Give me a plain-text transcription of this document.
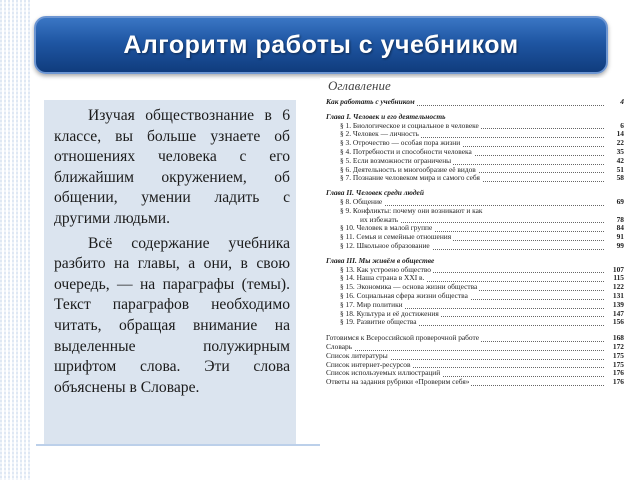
Алгоритм работы с учебником

Изучая обществознание в 6 классе, вы больше узнаете об отношениях человека с его ближайшим окружением, об общении, умении ладить с другими людьми.

Всё содержание учебника разбито на главы, а они, в свою очередь, — на параграфы (темы). Текст параграфов необходимо читать, обращая внимание на выделенные полужирным шрифтом слова. Эти слова объяснены в Словаре.

Оглавление
Как работать с учебником	4
Глава I. Человек и его деятельность
§ 1. Биологическое и социальное в человеке	6
§ 2. Человек — личность	14
§ 3. Отрочество — особая пора жизни	22
§ 4. Потребности и способности человека	35
§ 5. Если возможности ограничены	42
§ 6. Деятельность и многообразие её видов	51
§ 7. Познание человеком мира и самого себя	58
Глава II. Человек среди людей
§ 8. Общение	69
§ 9. Конфликты: почему они возникают и как
их избежать	78
§ 10. Человек в малой группе	84
§ 11. Семья и семейные отношения	91
§ 12. Школьное образование	99
Глава III. Мы живём в обществе
§ 13. Как устроено общество	107
§ 14. Наша страна в XXI в.	115
§ 15. Экономика — основа жизни общества	122
§ 16. Социальная сфера жизни общества	131
§ 17. Мир политики	139
§ 18. Культура и её достижения	147
§ 19. Развитие общества	156
Готовимся к Всероссийской проверочной работе	168
Словарь	172
Список литературы	175
Список интернет-ресурсов	175
Список используемых иллюстраций	176
Ответы на задания рубрики «Проверим себя»	176
